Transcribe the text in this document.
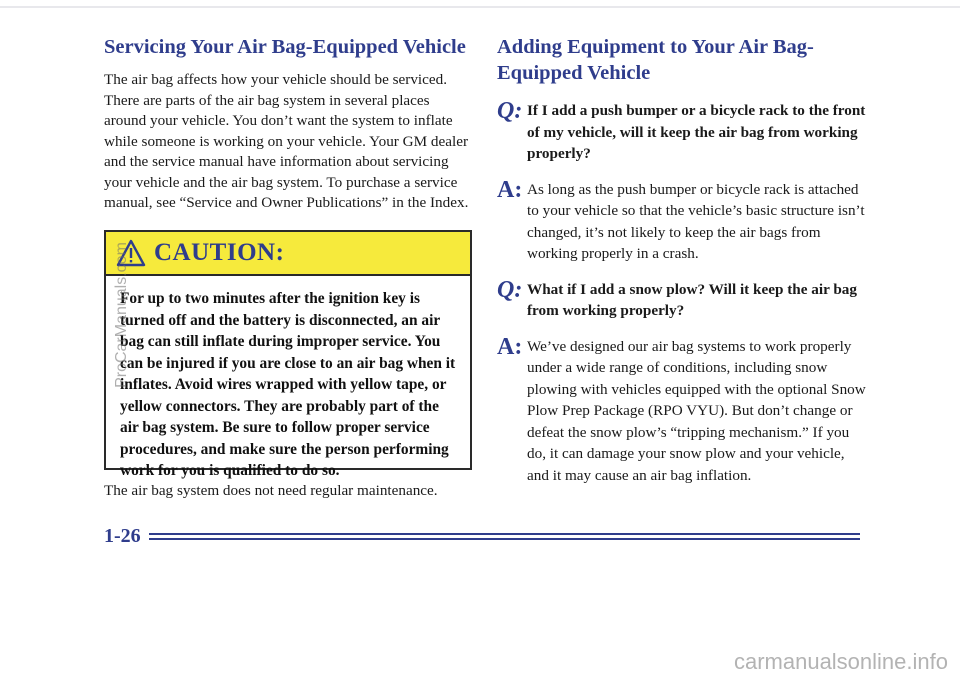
Servicing Your Air Bag-Equipped Vehicle

The air bag affects how your vehicle should be serviced. There are parts of the air bag system in several places around your vehicle. You don’t want the system to inflate while someone is working on your vehicle. Your GM dealer and the service manual have information about servicing your vehicle and the air bag system. To purchase a service manual, see “Service and Owner Publications” in the Index.

CAUTION:
For up to two minutes after the ignition key is turned off and the battery is disconnected, an air bag can still inflate during improper service. You can be injured if you are close to an air bag when it inflates. Avoid wires wrapped with yellow tape, or yellow connectors. They are probably part of the air bag system. Be sure to follow proper service procedures, and make sure the person performing work for you is qualified to do so.
The air bag system does not need regular maintenance.
Adding Equipment to Your Air Bag-Equipped Vehicle
Q: If I add a push bumper or a bicycle rack to the front of my vehicle, will it keep the air bag from working properly?
A: As long as the push bumper or bicycle rack is attached to your vehicle so that the vehicle’s basic structure isn’t changed, it’s not likely to keep the air bags from working properly in a crash.
Q: What if I add a snow plow? Will it keep the air bag from working properly?
A: We’ve designed our air bag systems to work properly under a wide range of conditions, including snow plowing with vehicles equipped with the optional Snow Plow Prep Package (RPO VYU). But don’t change or defeat the snow plow’s “tripping mechanism.” If you do, it can damage your snow plow and your vehicle, and it may cause an air bag inflation.
1-26
ProCarManuals.com
carmanualsonline.info
